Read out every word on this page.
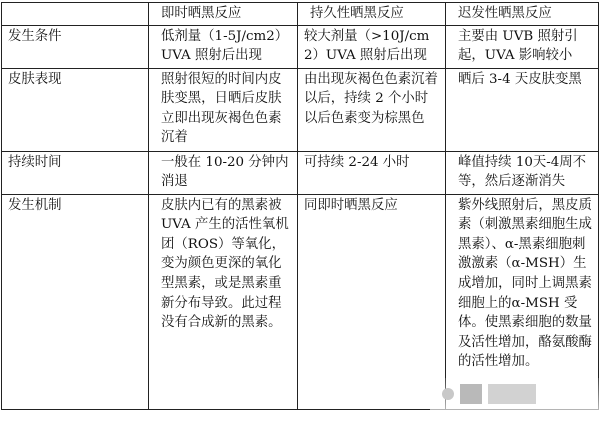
	即时晒黑反应	持久性晒黑反应	迟发性晒黑反应
发生条件	低剂量（1-5J/cm2）UVA 照射后出现	较大剂量（>10J/cm2）UVA 照射后出现	主要由 UVB 照射引起，UVA 影响较小
皮肤表现	照射很短的时间内皮肤变黑，日晒后皮肤立即出现灰褐色色素沉着	由出现灰褐色色素沉着以后，持续 2 个小时以后色素变为棕黑色	晒后 3-4 天皮肤变黑
持续时间	一般在 10-20 分钟内消退	可持续 2-24 小时	峰值持续 10天-4周不等，然后逐渐消失
发生机制	皮肤内已有的黑素被UVA 产生的活性氧机团（ROS）等氧化，变为颜色更深的氧化型黑素，或是黑素重新分布导致。此过程没有合成新的黑素。	同即时晒黑反应	紫外线照射后，黑皮质素（刺激黑素细胞生成黑素）、α-黑素细胞刺激激素（α-MSH）生成增加，同时上调黑素细胞上的α-MSH 受体。使黑素细胞的数量及活性增加，酪氨酸酶的活性增加。
